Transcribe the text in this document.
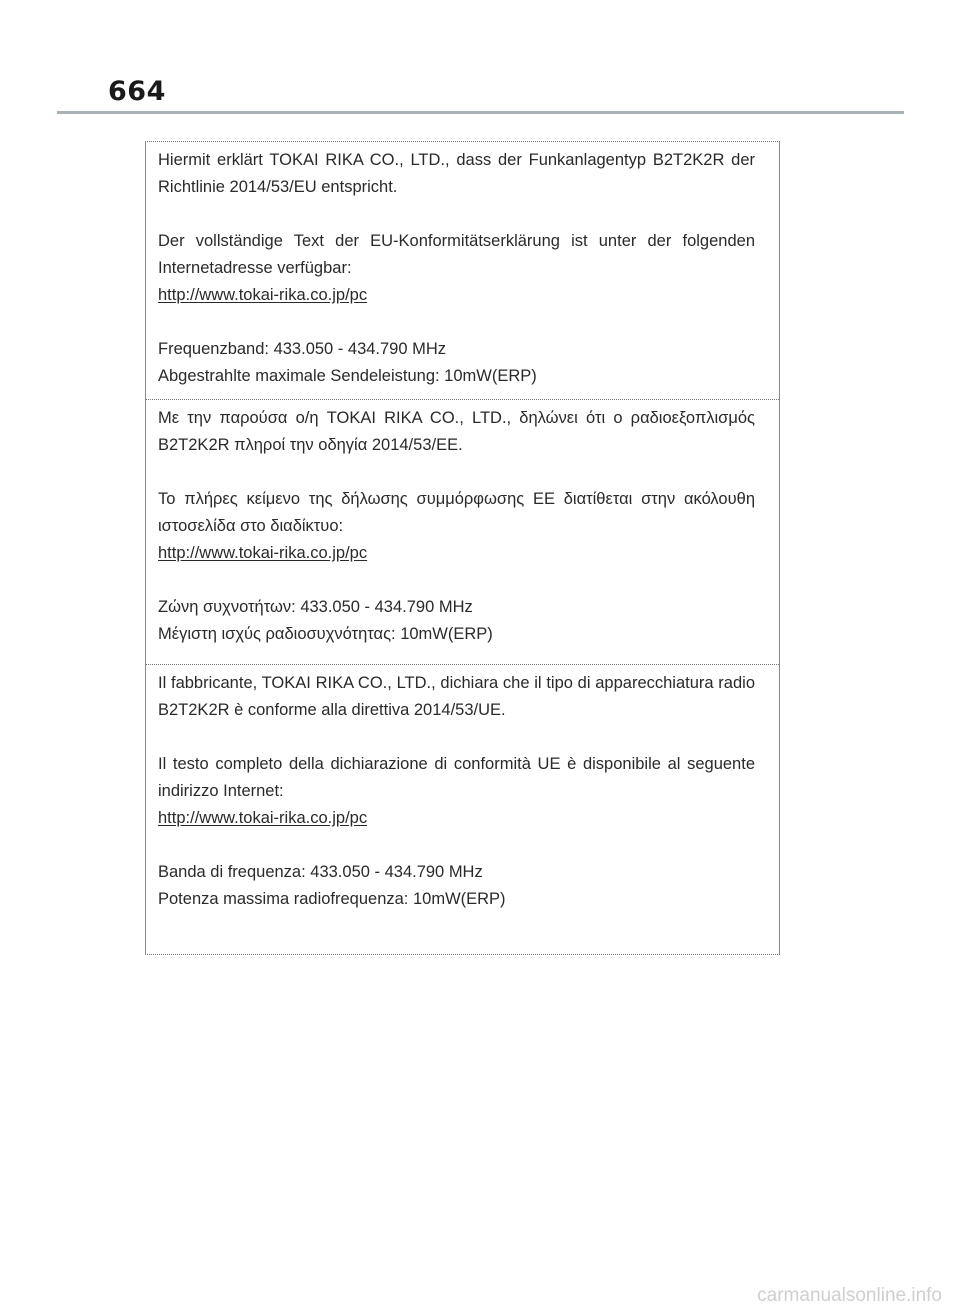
664

Hiermit erklärt TOKAI RIKA CO., LTD., dass der Funkanlagentyp B2T2K2R der Richtlinie 2014/53/EU entspricht.

Der vollständige Text der EU-Konformitätserklärung ist unter der folgenden Internetadresse verfügbar:
http://www.tokai-rika.co.jp/pc

Frequenzband: 433.050 - 434.790 MHz
Abgestrahlte maximale Sendeleistung: 10mW(ERP)

Με την παρούσα ο/η TOKAI RIKA CO., LTD., δηλώνει ότι ο ραδιοεξοπλισμός B2T2K2R πληροί την οδηγία 2014/53/ΕΕ.

Το πλήρες κείμενο της δήλωσης συμμόρφωσης ΕΕ διατίθεται στην ακόλουθη ιστοσελίδα στο διαδίκτυο:
http://www.tokai-rika.co.jp/pc

Ζώνη συχνοτήτων: 433.050 - 434.790 MHz
Μέγιστη ισχύς ραδιοσυχνότητας: 10mW(ERP)

Il fabbricante, TOKAI RIKA CO., LTD., dichiara che il tipo di apparecchiatura radio B2T2K2R è conforme alla direttiva 2014/53/UE.

Il testo completo della dichiarazione di conformità UE è disponibile al seguente indirizzo Internet:
http://www.tokai-rika.co.jp/pc

Banda di frequenza: 433.050 - 434.790 MHz
Potenza massima radiofrequenza: 10mW(ERP)

carmanualsonline.info
